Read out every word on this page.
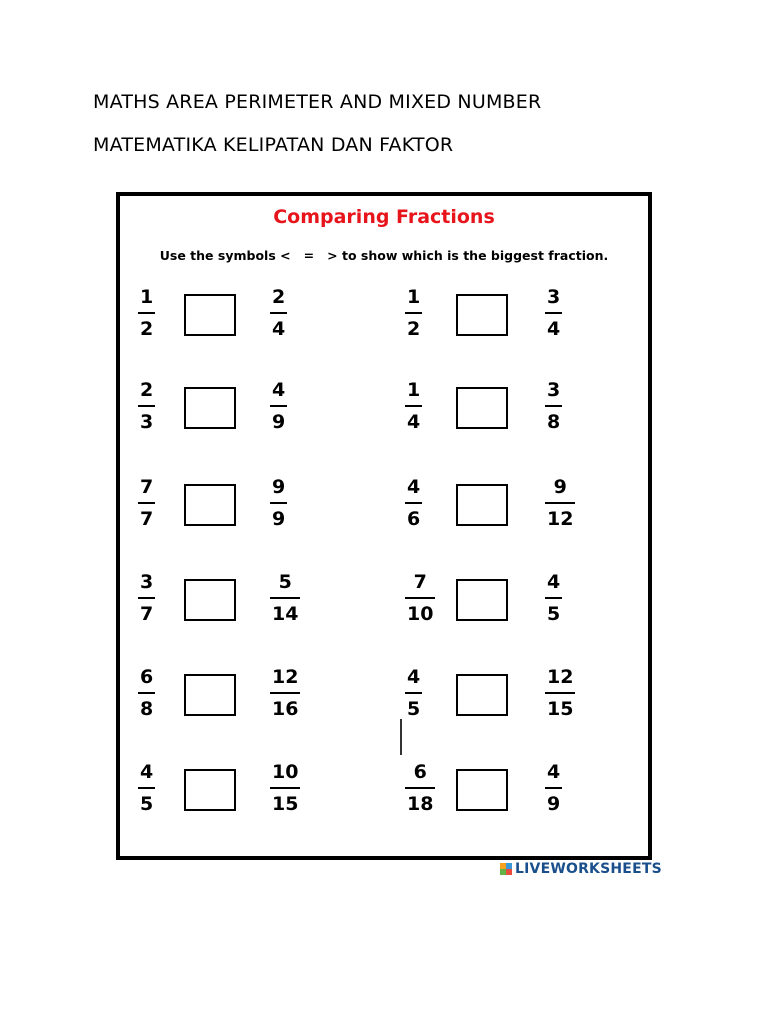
MATHS AREA PERIMETER AND MIXED NUMBER
MATEMATIKA KELIPATAN DAN FAKTOR
Comparing Fractions
Use the symbols <   =   > to show which is the biggest fraction.
1
2
2
4
2
3
4
9
7
7
9
9
3
7
5
14
6
8
12
16
4
5
10
15
1
2
3
4
1
4
3
8
4
6
9
12
7
10
4
5
4
5
12
15
6
18
4
9
LIVEWORKSHEETS
